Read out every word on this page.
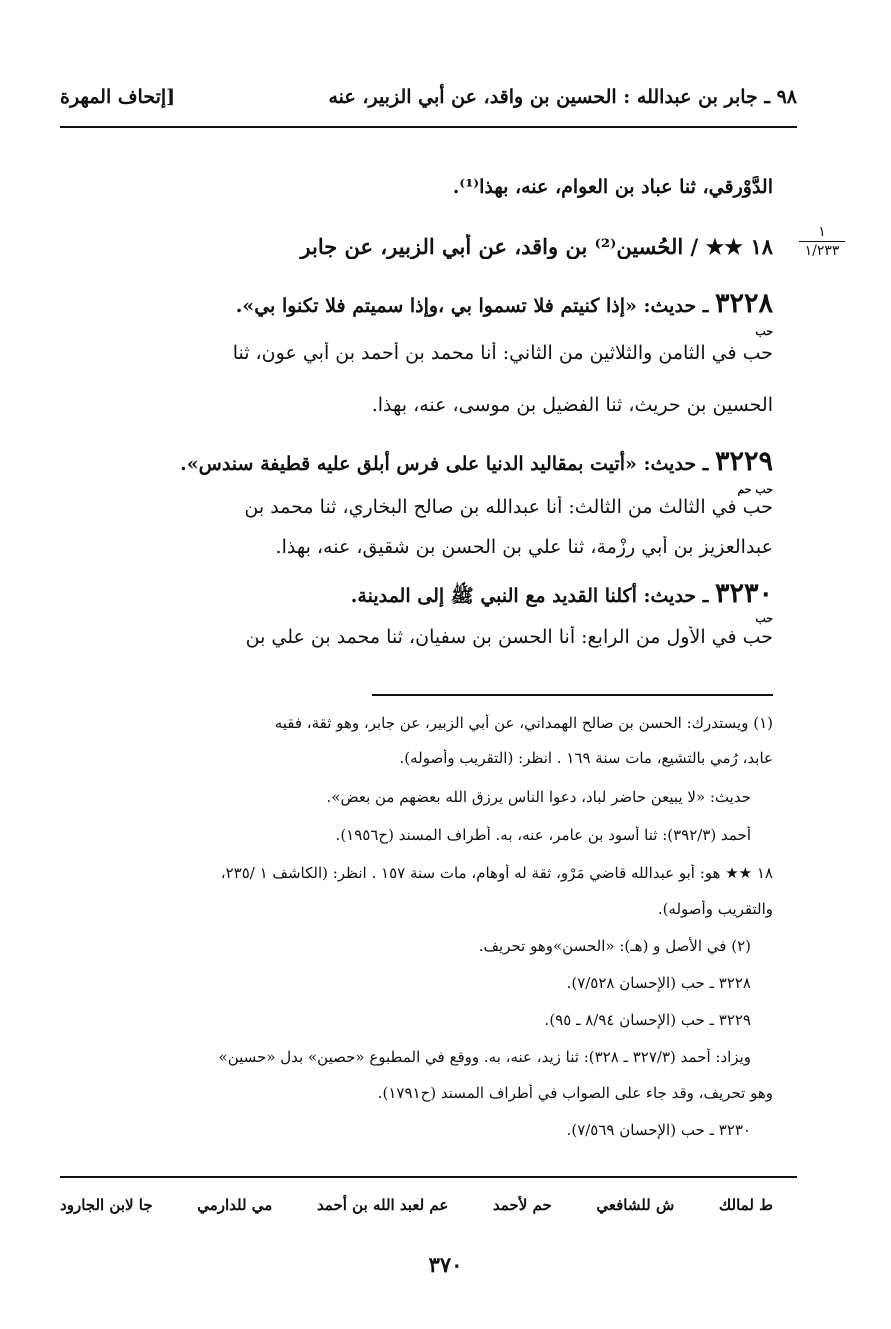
٩٨ ـ جابر بن عبدالله : الحسين بن واقد، عن أبي الزبير، عنه
[إتحاف المهرة
١
١/٢٣٣
الدَّوْرقي، ثنا عباد بن العوام، عنه، بهذا⁽¹⁾.
١٨ ★★ / الحُسين⁽²⁾ بن واقد، عن أبي الزبير، عن جابر
٣٢٢٨ ـ حديث: «إذا كنيتم فلا تسموا بي ،وإذا سميتم فلا تكنوا بي».
حب
حب في الثامن والثلاثين من الثاني: أنا محمد بن أحمد بن أبي عون، ثنا
الحسين بن حريث، ثنا الفضيل بن موسى، عنه، بهذا.
٣٢٢٩ ـ حديث: «أتيت بمقاليد الدنيا على فرس أبلق عليه قطيفة سندس».
حب حم
حب في الثالث من الثالث: أنا عبدالله بن صالح البخاري، ثنا محمد بن
عبدالعزيز بن أبي رِزْمة، ثنا علي بن الحسن بن شقيق، عنه، بهذا.
٣٢٣٠ ـ حديث: أكلنا القديد مع النبي ﷺ إلى المدينة.
حب
حب في الأول من الرابع: أنا الحسن بن سفيان، ثنا محمد بن علي بن
(١) ويستدرك: الحسن بن صالح الهمداني، عن أبي الزبير، عن جابر، وهو ثقة، فقيه
عابد، رُمي بالتشيع، مات سنة ١٦٩ . انظر: (التقريب وأصوله).
حديث: «لا يبيعن حاضر لباد، دعوا الناس يرزق الله بعضهم من بعض».
أحمد (٣٩٢/٣): ثنا أسود بن عامر، عنه، به. أطراف المسند (ح١٩٥٦).
١٨ ★★ هو: أبو عبدالله قاضي مَرْو، ثقة له أوهام، مات سنة ١٥٧ . انظر: (الكاشف ١ /٢٣٥،
والتقريب وأصوله).
(٢) في الأصل و (هـ): «الحسن»وهو تحريف.
٣٢٢٨ ـ حب (الإحسان ٧/٥٢٨).
٣٢٢٩ ـ حب (الإحسان ٨/٩٤ ـ ٩٥).
ويزاد: أحمد (٣٢٧/٣ ـ ٣٢٨): ثنا زيد، عنه، به. ووقع في المطبوع «حصين» بدل «حسين»
وهو تحريف، وقد جاء على الصواب في أطراف المسند (ح١٧٩١).
٣٢٣٠ ـ حب (الإحسان ٧/٥٦٩).
ط لمالك
ش للشافعي
حم لأحمد
عم لعبد الله بن أحمد
مي للدارمي
جا لابن الجارود
٣٧٠
